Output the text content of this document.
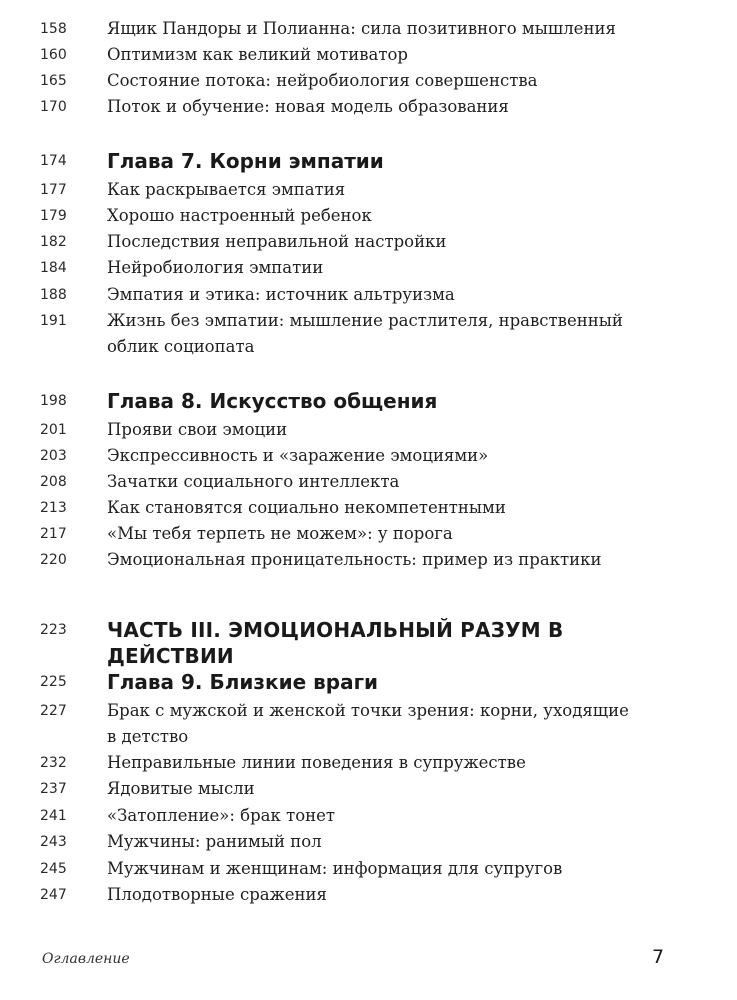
158 Ящик Пандоры и Полианна: сила позитивного мышления
160 Оптимизм как великий мотиватор
165 Состояние потока: нейробиология совершенства
170 Поток и обучение: новая модель образования
174 Глава 7. Корни эмпатии
177 Как раскрывается эмпатия
179 Хорошо настроенный ребенок
182 Последствия неправильной настройки
184 Нейробиология эмпатии
188 Эмпатия и этика: источник альтруизма
191 Жизнь без эмпатии: мышление растлителя, нравственный
облик социопата
198 Глава 8. Искусство общения
201 Прояви свои эмоции
203 Экспрессивность и «заражение эмоциями»
208 Зачатки социального интеллекта
213 Как становятся социально некомпетентными
217 «Мы тебя терпеть не можем»: у порога
220 Эмоциональная проницательность: пример из практики
223 ЧАСТЬ III. ЭМОЦИОНАЛЬНЫЙ РАЗУМ В ДЕЙСТВИИ
225 Глава 9. Близкие враги
227 Брак с мужской и женской точки зрения: корни, уходящие
в детство
232 Неправильные линии поведения в супружестве
237 Ядовитые мысли
241 «Затопление»: брак тонет
243 Мужчины: ранимый пол
245 Мужчинам и женщинам: информация для супругов
247 Плодотворные сражения
Оглавление	7
